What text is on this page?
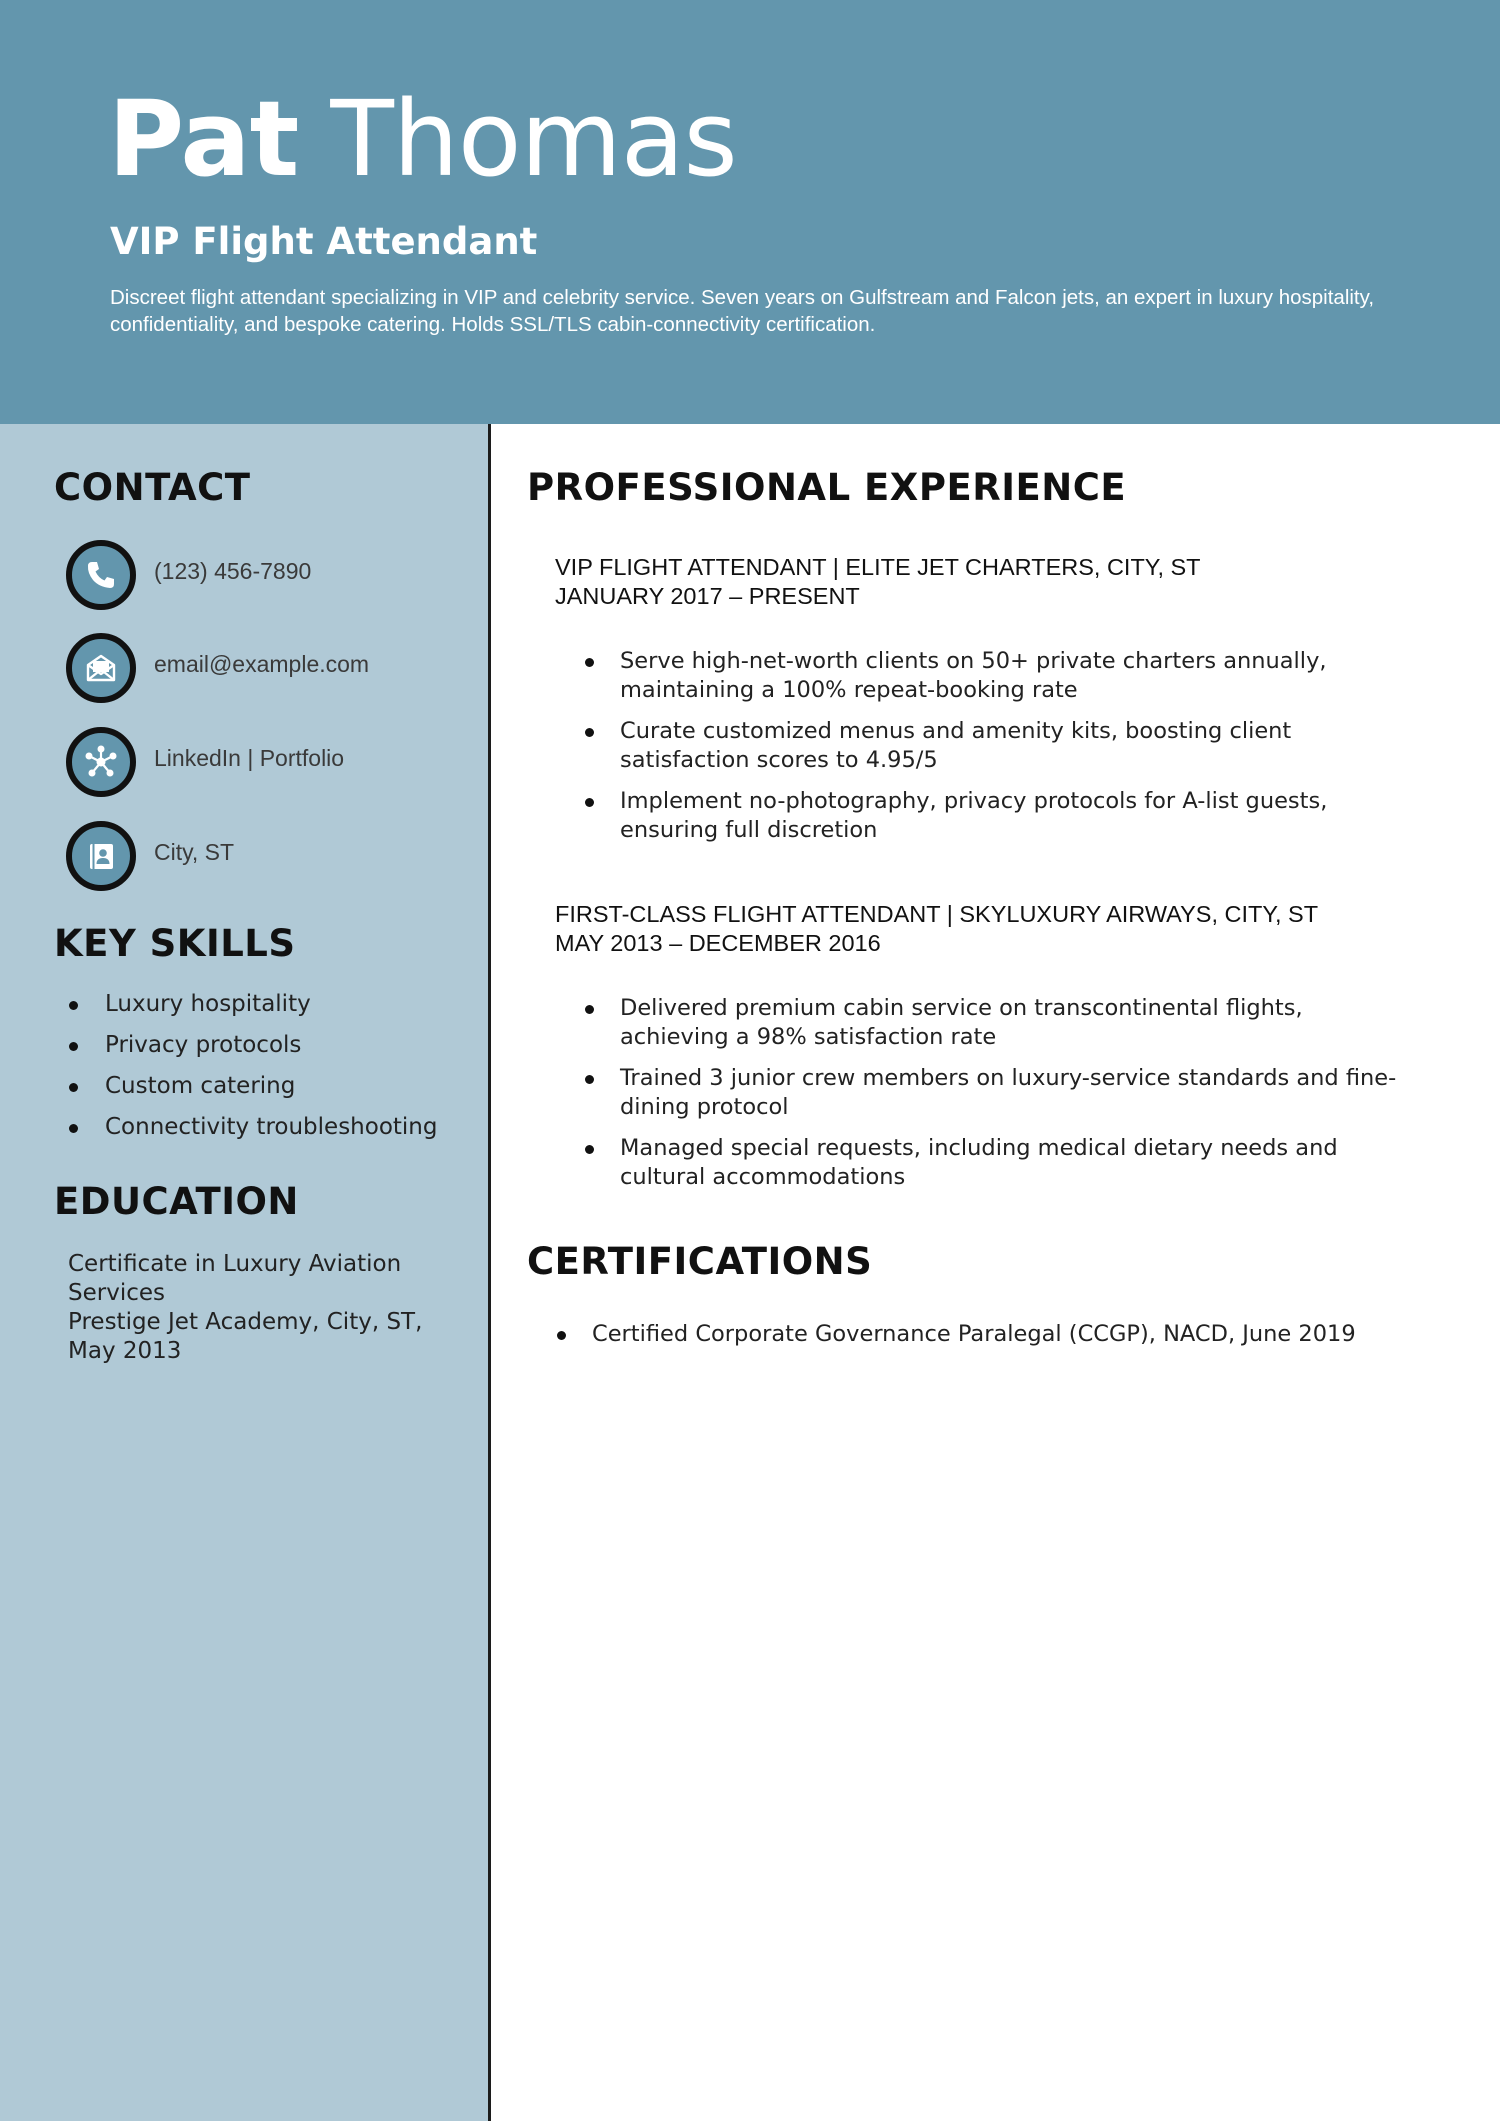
Pat Thomas
VIP Flight Attendant

Discreet flight attendant specializing in VIP and celebrity service. Seven years on Gulfstream and Falcon jets, an expert in luxury hospitality, confidentiality, and bespoke catering. Holds SSL/TLS cabin-connectivity certification.

CONTACT
(123) 456-7890
email@example.com
LinkedIn | Portfolio
City, ST
KEY SKILLS
Luxury hospitality
Privacy protocols
Custom catering
Connectivity troubleshooting
EDUCATION
Certificate in Luxury Aviation Services
Prestige Jet Academy, City, ST, May 2013
PROFESSIONAL EXPERIENCE
VIP FLIGHT ATTENDANT | ELITE JET CHARTERS, CITY, ST
JANUARY 2017 – PRESENT
Serve high-net-worth clients on 50+ private charters annually, maintaining a 100% repeat-booking rate
Curate customized menus and amenity kits, boosting client satisfaction scores to 4.95/5
Implement no-photography, privacy protocols for A-list guests, ensuring full discretion
FIRST-CLASS FLIGHT ATTENDANT | SKYLUXURY AIRWAYS, CITY, ST
MAY 2013 – DECEMBER 2016
Delivered premium cabin service on transcontinental flights, achieving a 98% satisfaction rate
Trained 3 junior crew members on luxury-service standards and fine-dining protocol
Managed special requests, including medical dietary needs and cultural accommodations
CERTIFICATIONS
Certified Corporate Governance Paralegal (CCGP), NACD, June 2019
